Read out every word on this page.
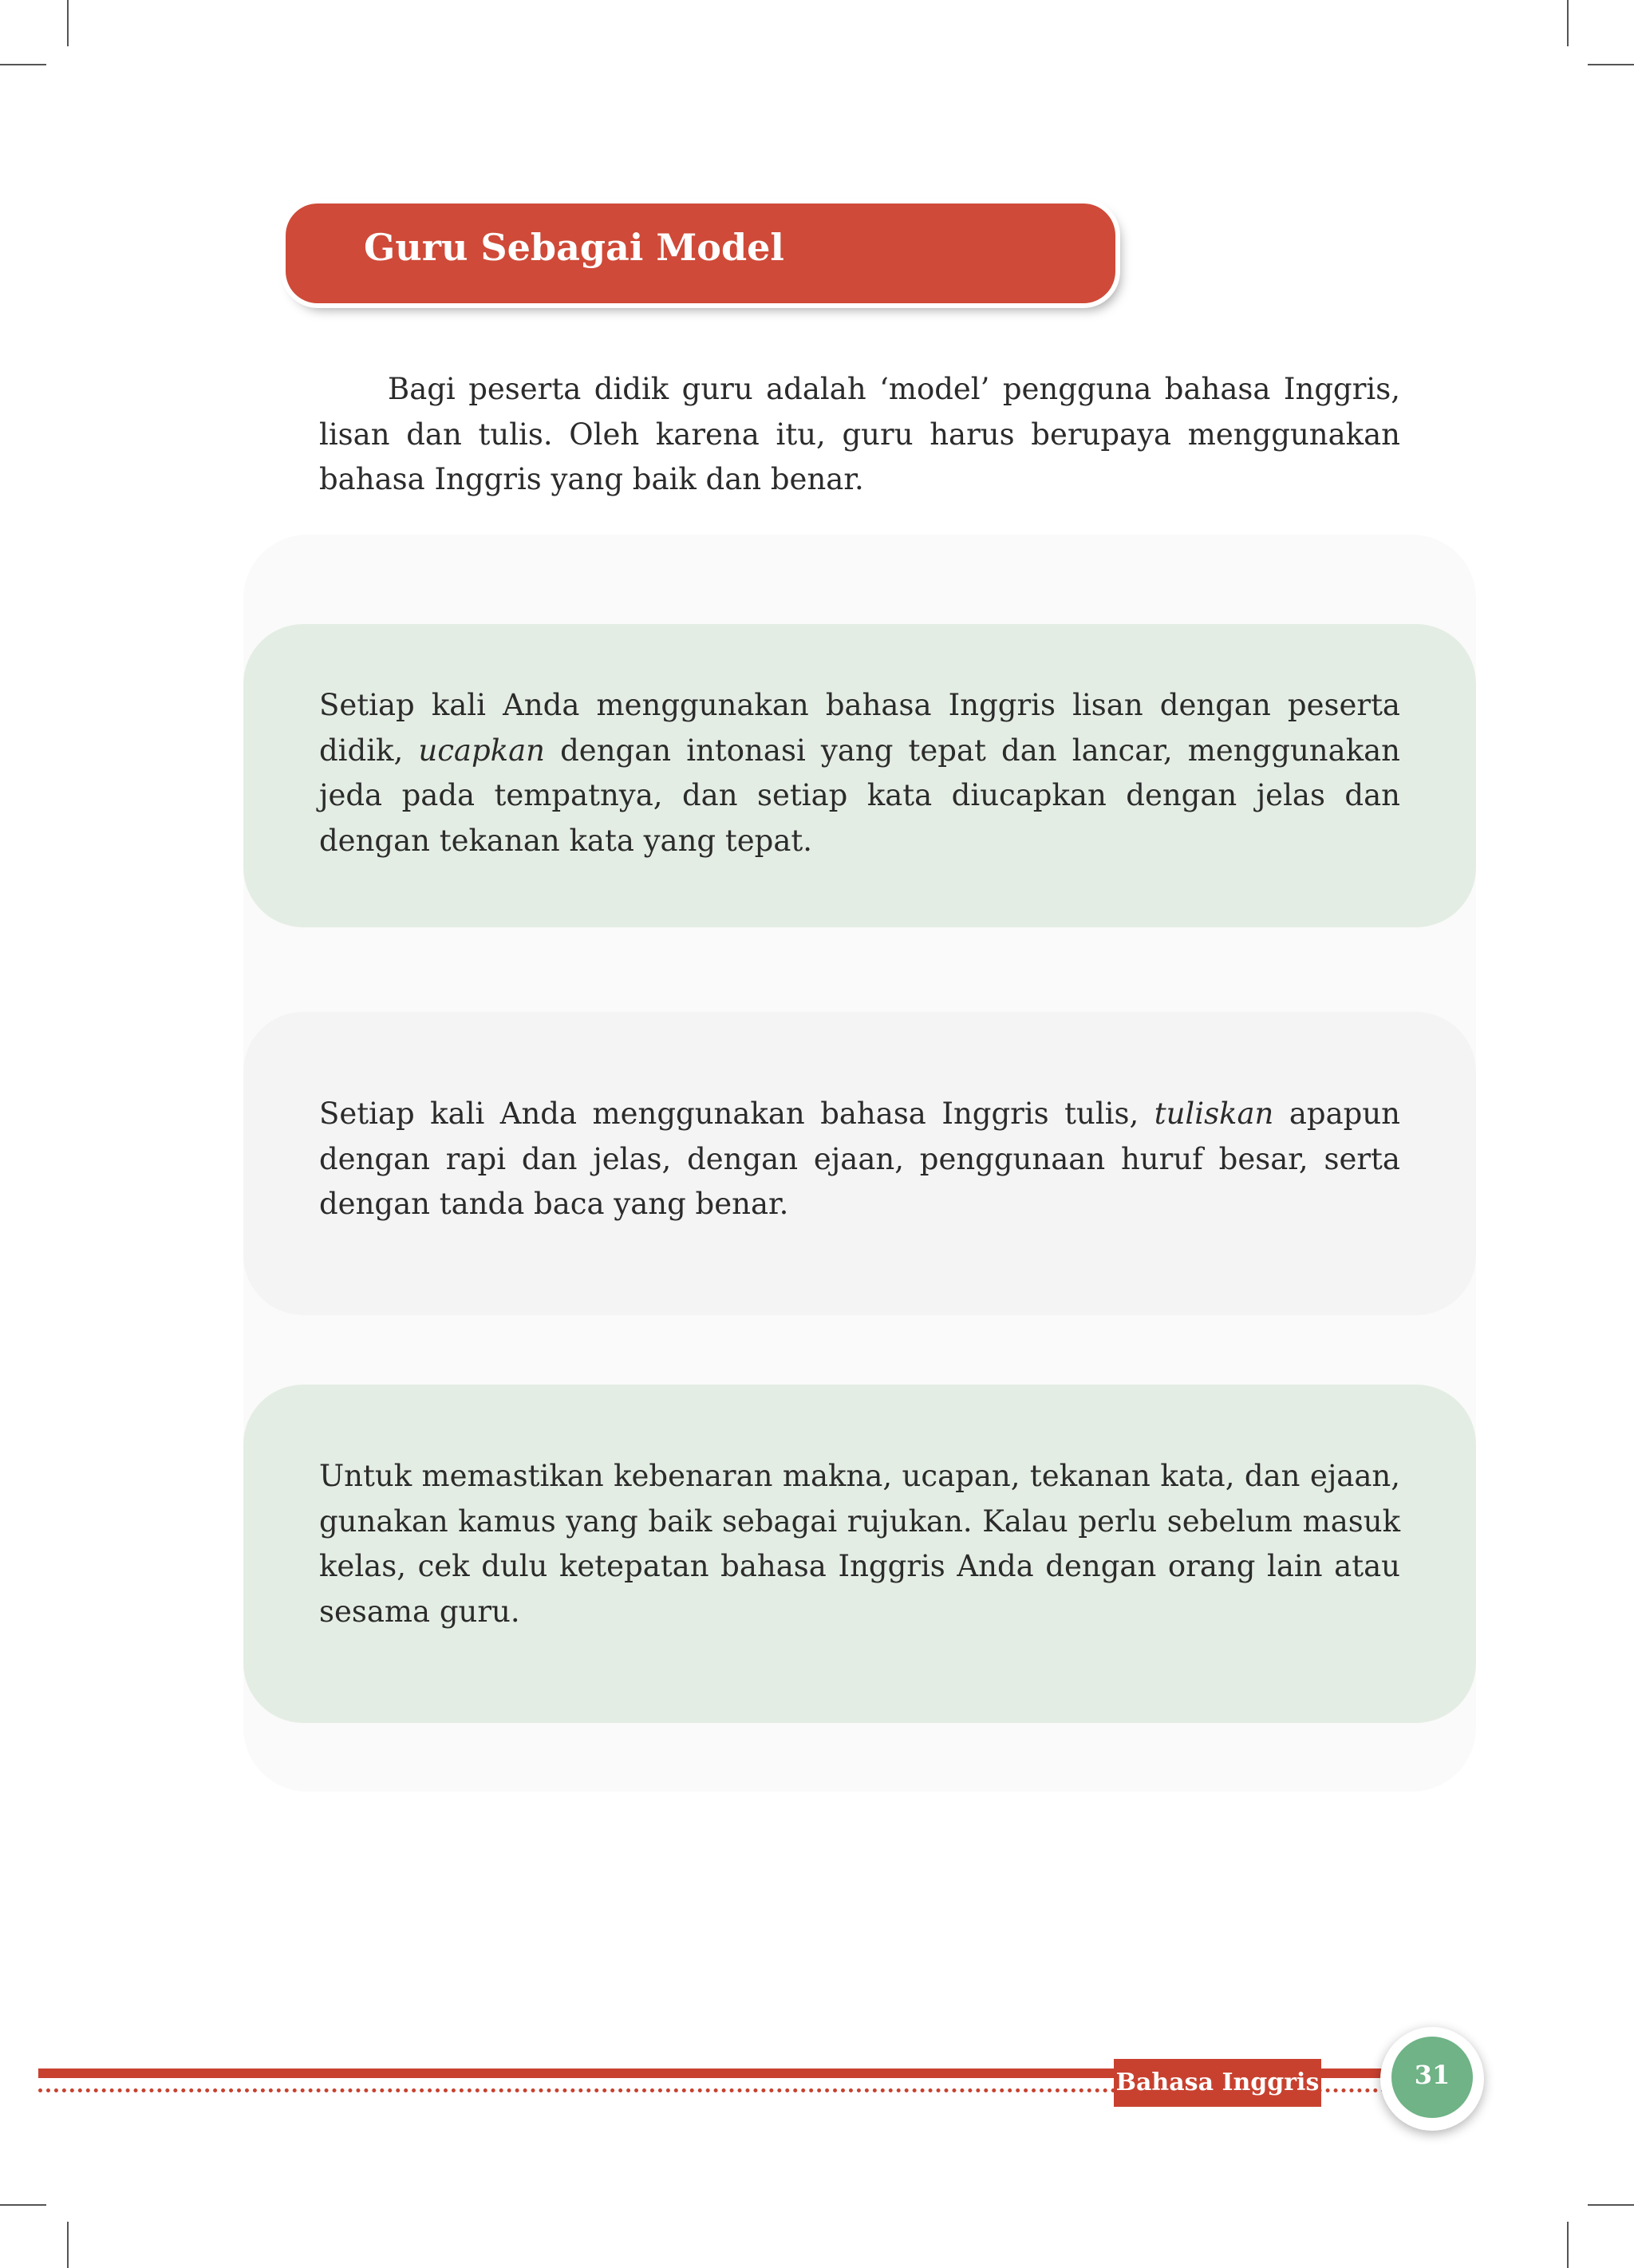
Guru Sebagai Model

Bagi peserta didik guru adalah ‘model’ pengguna bahasa Inggris, lisan dan tulis. Oleh karena itu, guru harus berupaya menggunakan bahasa Inggris yang baik dan benar.

Setiap kali Anda menggunakan bahasa Inggris lisan dengan peserta didik, ucapkan dengan intonasi yang tepat dan lancar, menggunakan jeda pada tempatnya, dan setiap kata diucapkan dengan jelas dan dengan tekanan kata yang tepat.

Setiap kali Anda menggunakan bahasa Inggris tulis, tuliskan apapun dengan rapi dan jelas, dengan ejaan, penggunaan huruf besar, serta dengan tanda baca yang benar.

Untuk memastikan kebenaran makna, ucapan, tekanan kata, dan ejaan, gunakan kamus yang baik sebagai rujukan. Kalau perlu sebelum masuk kelas, cek dulu ketepatan bahasa Inggris Anda dengan orang lain atau sesama guru.

Bahasa Inggris	31
